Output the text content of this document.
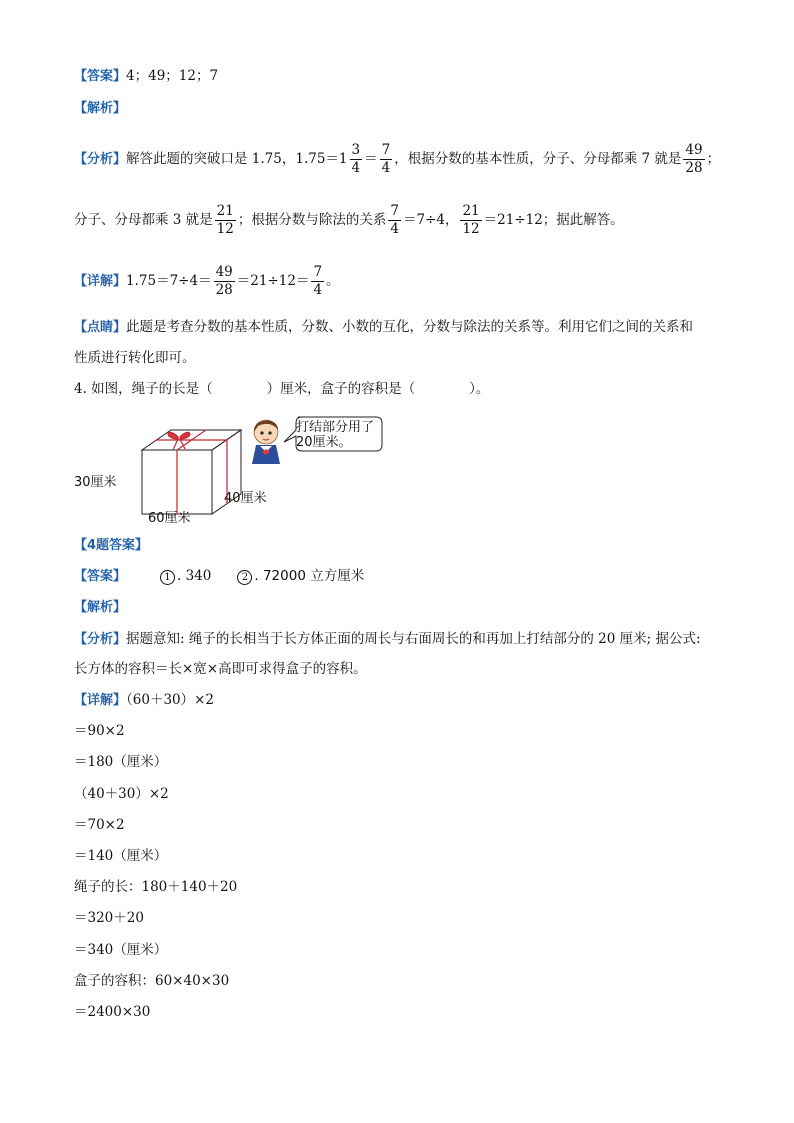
【答案】4；49；12；7
【解析】
【分析】解答此题的突破口是 1.75，$1.75=1 \frac{3}{4} = \frac{7}{4}$ ，根据分数的基本性质，分子、分母都乘 7 就是 $\frac{49}{28}$ ；
分子、分母都乘 3 就是 $\frac{21}{12}$ ；根据分数与除法的关系 $\frac{7}{4} =7\div 4$， $\frac{21}{12} =21\div 12$；据此解答。
【详解】$1.75=7\div 4= \frac{49}{28} =21\div 12= \frac{7}{4}$ 。
【点睛】此题是考查分数的基本性质，分数、小数的互化，分数与除法的关系等。利用它们之间的关系和
性质进行转化即可。
4. 如图，绳子的长是（　　　　）厘米，盒子的容积是（　　　　）。
30厘米
60厘米
40厘米
打结部分用了
20厘米。
【4题答案】
【答案】	1 . 340	2 . 72000 立方厘米
【解析】
【分析】据题意知: 绳子的长相当于长方体正面的周长与右面周长的和再加上打结部分的 20 厘米; 据公式:
长方体的容积＝长×宽×高即可求得盒子的容积。
【详解】（60＋30）×2
＝90×2
＝180（厘米）
（40＋30）×2
＝70×2
＝140（厘米）
绳子的长：180＋140＋20
＝320＋20
＝340（厘米）
盒子的容积：60×40×30
＝2400×30
